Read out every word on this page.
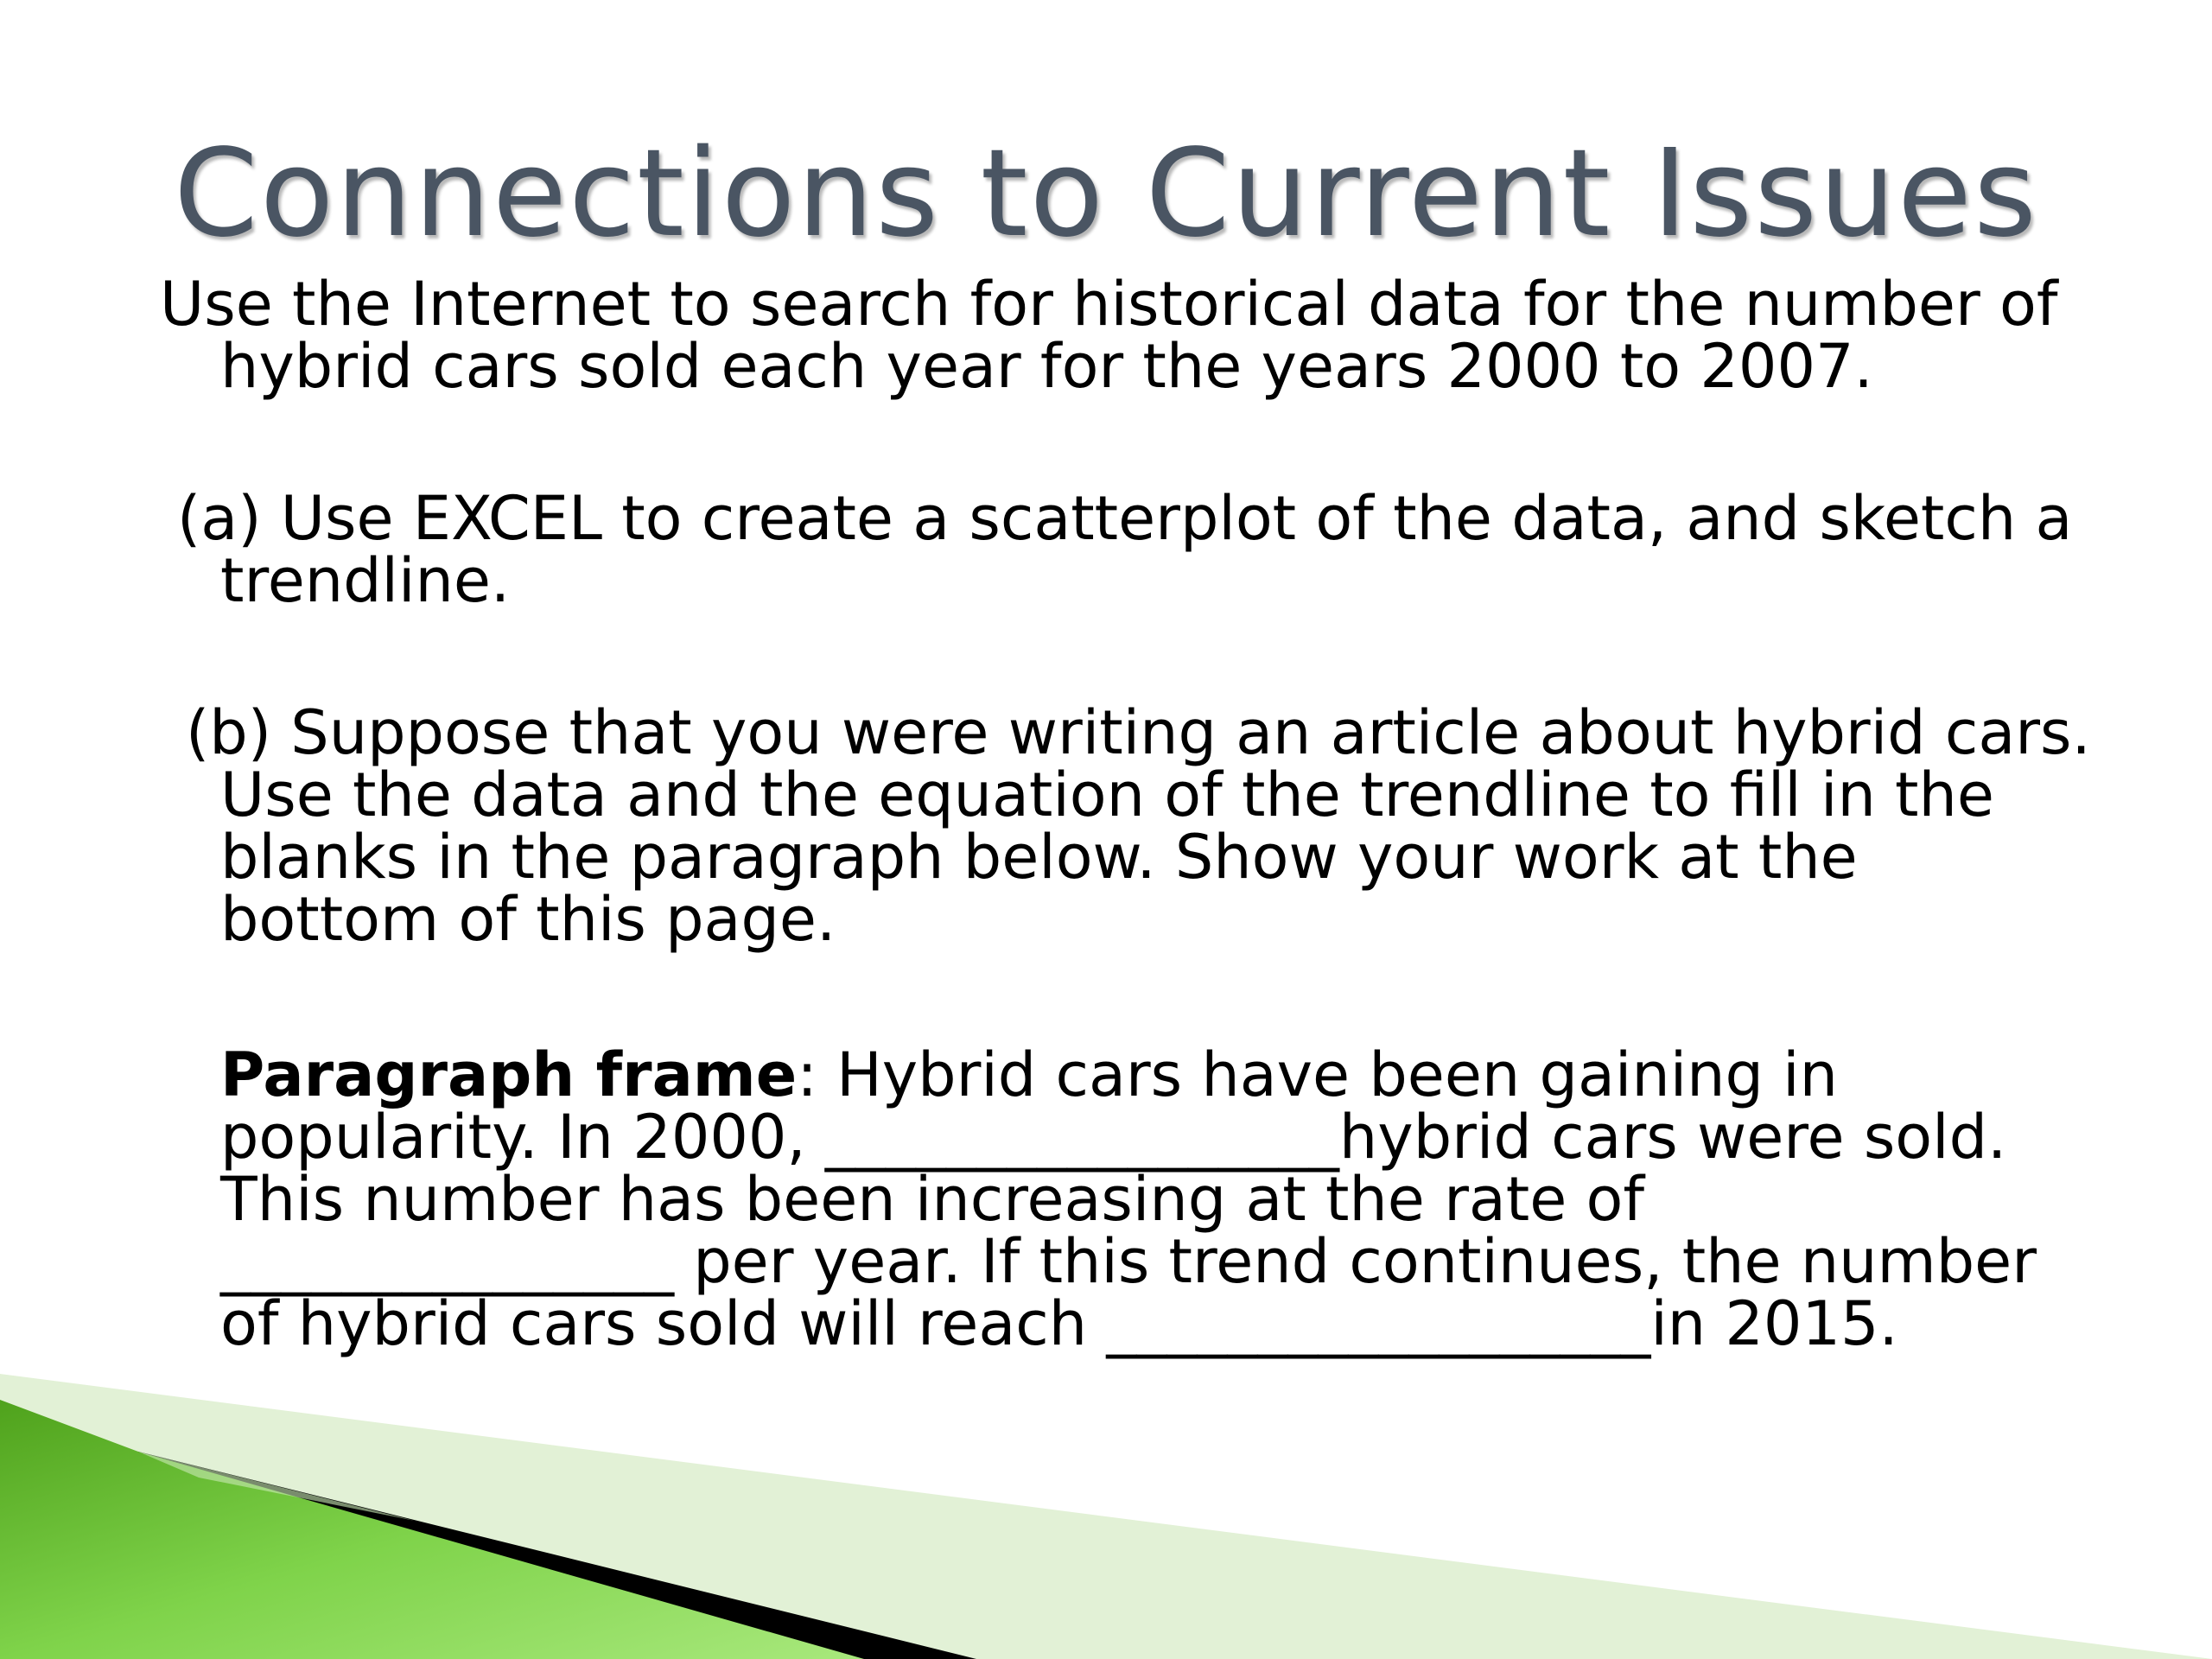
Connections to Current Issues

Use the Internet to search for historical data for the number of hybrid cars sold each year for the years 2000 to 2007.

(a) Use EXCEL to create a scatterplot of the data, and sketch a trendline.

(b) Suppose that you were writing an article about hybrid cars. Use the data and the equation of the trendline to fill in the blanks in the paragraph below. Show your work at the bottom of this page.

Paragraph frame: Hybrid cars have been gaining in popularity. In 2000, _________________hybrid cars were sold. This number has been increasing at the rate of _______________ per year. If this trend continues, the number of hybrid cars sold will reach __________________in 2015.
